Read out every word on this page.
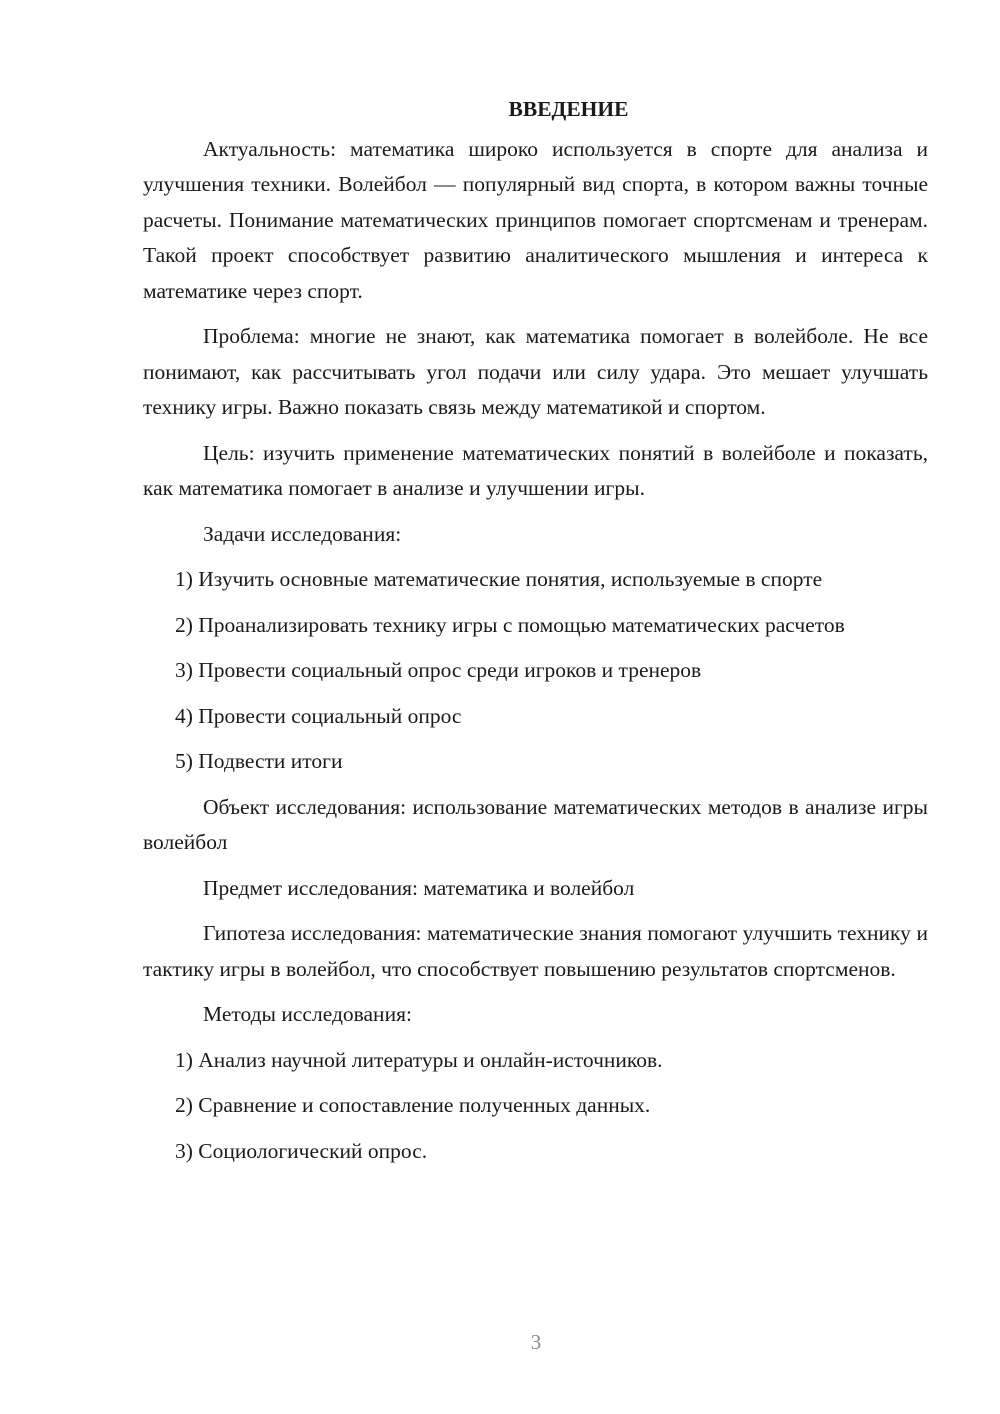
ВВЕДЕНИЕ

Актуальность: математика широко используется в спорте для анализа и улучшения техники. Волейбол — популярный вид спорта, в котором важны точные расчеты. Понимание математических принципов помогает спортсменам и тренерам. Такой проект способствует развитию аналитического мышления и интереса к математике через спорт.

Проблема: многие не знают, как математика помогает в волейболе. Не все понимают, как рассчитывать угол подачи или силу удара. Это мешает улучшать технику игры. Важно показать связь между математикой и спортом.

Цель: изучить применение математических понятий в волейболе и показать, как математика помогает в анализе и улучшении игры.

Задачи исследования:

1) Изучить основные математические понятия, используемые в спорте

2) Проанализировать технику игры с помощью математических расчетов

3) Провести социальный опрос среди игроков и тренеров

4) Провести социальный опрос

5) Подвести итоги

Объект исследования: использование математических методов в анализе игры волейбол

Предмет исследования: математика и волейбол

Гипотеза исследования: математические знания помогают улучшить технику и тактику игры в волейбол, что способствует повышению результатов спортсменов.

Методы исследования:

1) Анализ научной литературы и онлайн-источников.

2) Сравнение и сопоставление полученных данных.

3) Социологический опрос.

3
